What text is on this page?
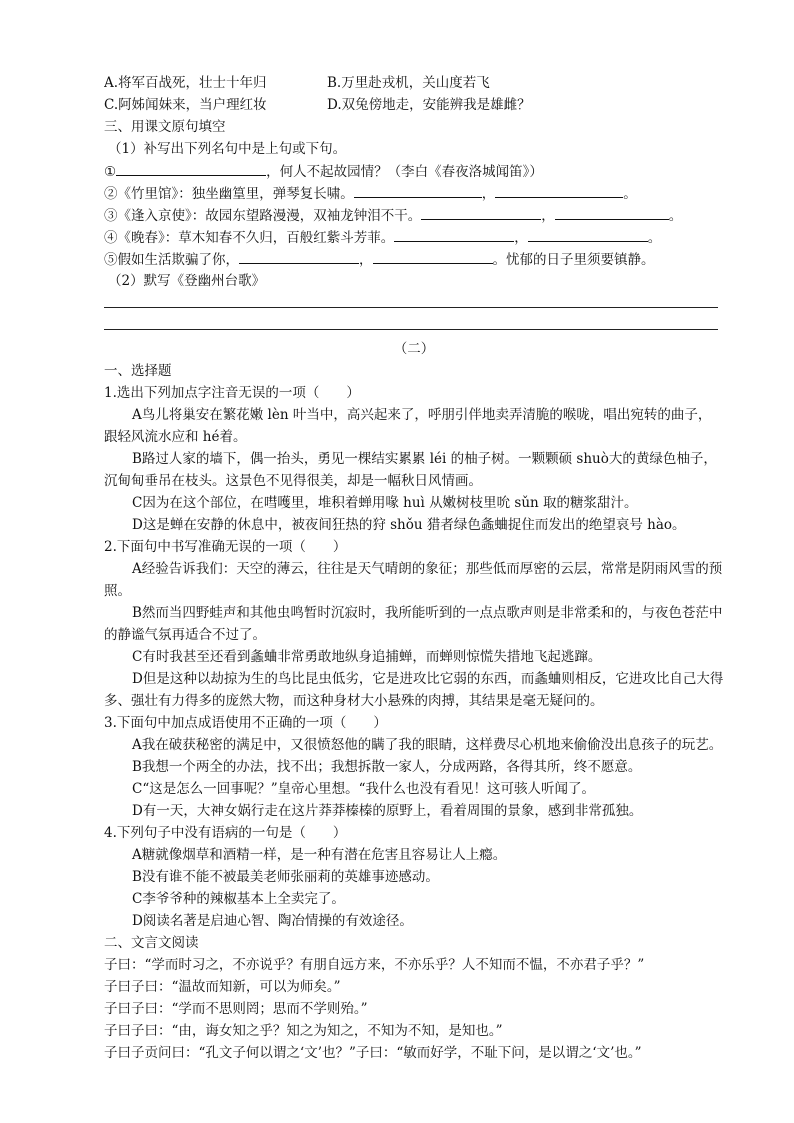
A.将军百战死，壮士十年归	B.万里赴戎机，关山度若飞
C.阿姊闻妹来，当户理红妆	D.双兔傍地走，安能辨我是雄雌？
三、用课文原句填空
（1）补写出下列名句中是上句或下句。
①	，何人不起故园情？（李白《春夜洛城闻笛》）
②《竹里馆》：独坐幽篁里，弹琴复长啸。	，	。
③《逢入京使》：故园东望路漫漫，双袖龙钟泪不干。	，	。
④《晚春》：草木知春不久归，百般红紫斗芳菲。	，	。
⑤假如生活欺骗了你，	，	。忧郁的日子里须要镇静。
（2）默写《登幽州台歌》
（二）
一、选择题
1.选出下列加点字注音无误的一项（　　）

A鸟儿将巢安在繁花嫩 lèn 叶当中，高兴起来了，呼朋引伴地卖弄清脆的喉咙，唱出宛转的曲子，跟轻风流水应和 hé着。

B路过人家的墙下，偶一抬头，勇见一棵结实累累 léi 的柚子树。一颗颗硕 shuò大的黄绿色柚子，沉甸甸垂吊在枝头。这景色不见得很美，却是一幅秋日风情画。

C因为在这个部位，在嘒嚄里，堆积着蝉用喙 huì 从嫩树枝里吮 sǔn 取的糖浆甜汁。

D这是蝉在安静的休息中，被夜间狂热的狩 shǒu 猎者绿色螽蛐捉住而发出的绝望哀号 hào。

2.下面句中书写准确无误的一项（　　）

A经验告诉我们：天空的薄云，往往是天气晴朗的象征；那些低而厚密的云层，常常是阴雨风雪的预照。

B然而当四野蛙声和其他虫鸣暂时沉寂时，我所能听到的一点点歌声则是非常柔和的，与夜色苍茫中的静谧气氛再适合不过了。

C有时我甚至还看到螽蛐非常勇敢地纵身追捕蝉，而蝉则惊慌失措地飞起逃蹿。

D但是这种以劫掠为生的鸟比昆虫低劣，它是进攻比它弱的东西，而螽蛐则相反，它进攻比自己大得多、强壮有力得多的庞然大物，而这种身材大小悬殊的肉搏，其结果是毫无疑问的。

3.下面句中加点成语使用不正确的一项（　　）

A我在破获秘密的满足中，又很愤怒他的瞒了我的眼睛，这样费尽心机地来偷偷没出息孩子的玩艺。

B我想一个两全的办法，找不出；我想拆散一家人，分成两路，各得其所，终不愿意。

C“这是怎么一回事呢？”皇帝心里想。“我什么也没有看见！这可骇人听闻了。

D有一天，大神女娲行走在这片莽莽榛榛的原野上，看着周围的景象，感到非常孤独。

4.下列句子中没有语病的一句是（　　）

A糖就像烟草和酒精一样，是一种有潜在危害且容易让人上瘾。

B没有谁不能不被最美老师张丽莉的英雄事迹感动。

C李爷爷种的辣椒基本上全卖完了。

D阅读名著是启迪心智、陶冶情操的有效途径。

二、文言文阅读
子曰：“学而时习之，不亦说乎？有朋自远方来，不亦乐乎？人不知而不愠，不亦君子乎？”
子曰子曰：“温故而知新，可以为师矣。”
子曰子曰：“学而不思则罔；思而不学则殆。”
子曰子曰：“由，诲女知之乎？知之为知之，不知为不知，是知也。”
子曰子贡问曰：“孔文子何以谓之‘文’也？”子曰：“敏而好学，不耻下问，是以谓之‘文’也。”
